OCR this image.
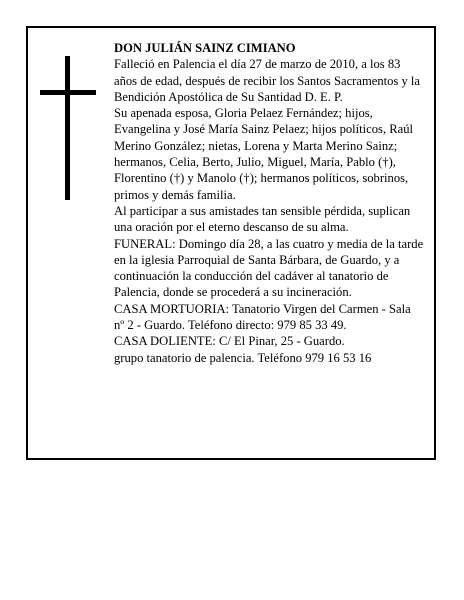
DON JULIÁN SAINZ CIMIANO

Falleció en Palencia el día 27 de marzo de 2010, a los 83 años de edad, después de recibir los Santos Sacramentos y la Bendición Apostólica de Su Santidad D. E. P.

Su apenada esposa, Gloria Pelaez Fernández; hijos, Evangelina y José María Sainz Pelaez; hijos políticos, Raúl Merino González; nietas, Lorena y Marta Merino Sainz; hermanos, Celia, Berto, Julio, Miguel, María, Pablo (†), Florentino (†) y Manolo (†); hermanos políticos, sobrinos, primos y demás familia.

Al participar a sus amistades tan sensible pérdida, suplican una oración por el eterno descanso de su alma.

FUNERAL: Domingo día 28, a las cuatro y media de la tarde en la iglesia Parroquial de Santa Bárbara, de Guardo, y a continuación la conducción del cadáver al tanatorio de Palencia, donde se procederá a su incineración.

CASA MORTUORIA: Tanatorio Virgen del Carmen - Sala nº 2 - Guardo. Teléfono directo: 979 85 33 49.

CASA DOLIENTE: C/ El Pinar, 25 - Guardo.

grupo tanatorio de palencia. Teléfono 979 16 53 16
